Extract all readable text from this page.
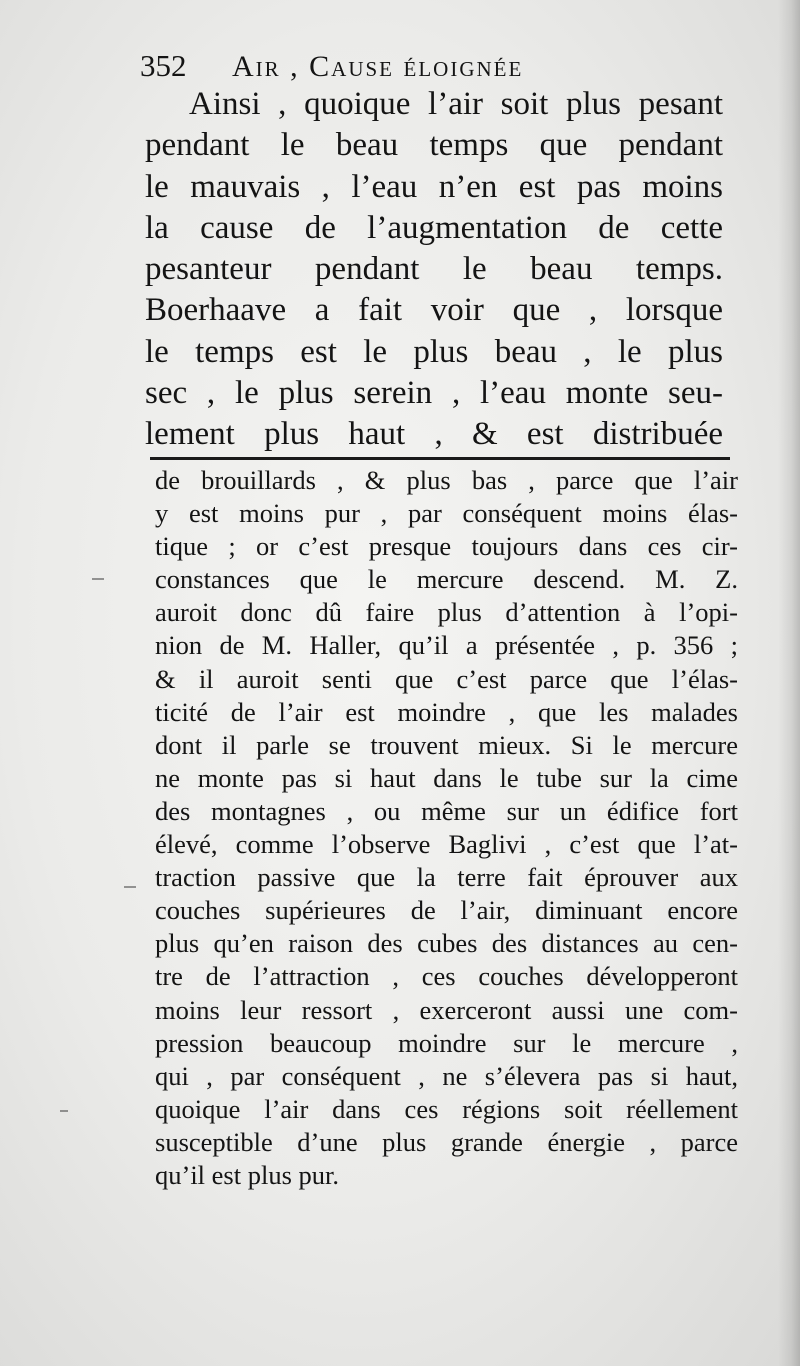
352	Air , Cause éloignée
Ainsi , quoique l’air soit plus pesant
pendant le beau temps que pendant
le mauvais , l’eau n’en est pas moins
la cause de l’augmentation de cette
pesanteur pendant le beau temps.
Boerhaave a fait voir que , lorsque
le temps est le plus beau , le plus
sec , le plus serein , l’eau monte seu-
lement plus haut , & est distribuée
de brouillards , & plus bas , parce que l’air
y est moins pur , par conséquent moins élas-
tique ; or c’est presque toujours dans ces cir-
constances que le mercure descend. M. Z.
auroit donc dû faire plus d’attention à l’opi-
nion de M. Haller, qu’il a présentée , p. 356 ;
& il auroit senti que c’est parce que l’élas-
ticité de l’air est moindre , que les malades
dont il parle se trouvent mieux. Si le mercure
ne monte pas si haut dans le tube sur la cime
des montagnes , ou même sur un édifice fort
élevé, comme l’observe Baglivi , c’est que l’at-
traction passive que la terre fait éprouver aux
couches supérieures de l’air, diminuant encore
plus qu’en raison des cubes des distances au cen-
tre de l’attraction , ces couches développeront
moins leur ressort , exerceront aussi une com-
pression beaucoup moindre sur le mercure ,
qui , par conséquent , ne s’élevera pas si haut,
quoique l’air dans ces régions soit réellement
susceptible d’une plus grande énergie , parce
qu’il est plus pur.
